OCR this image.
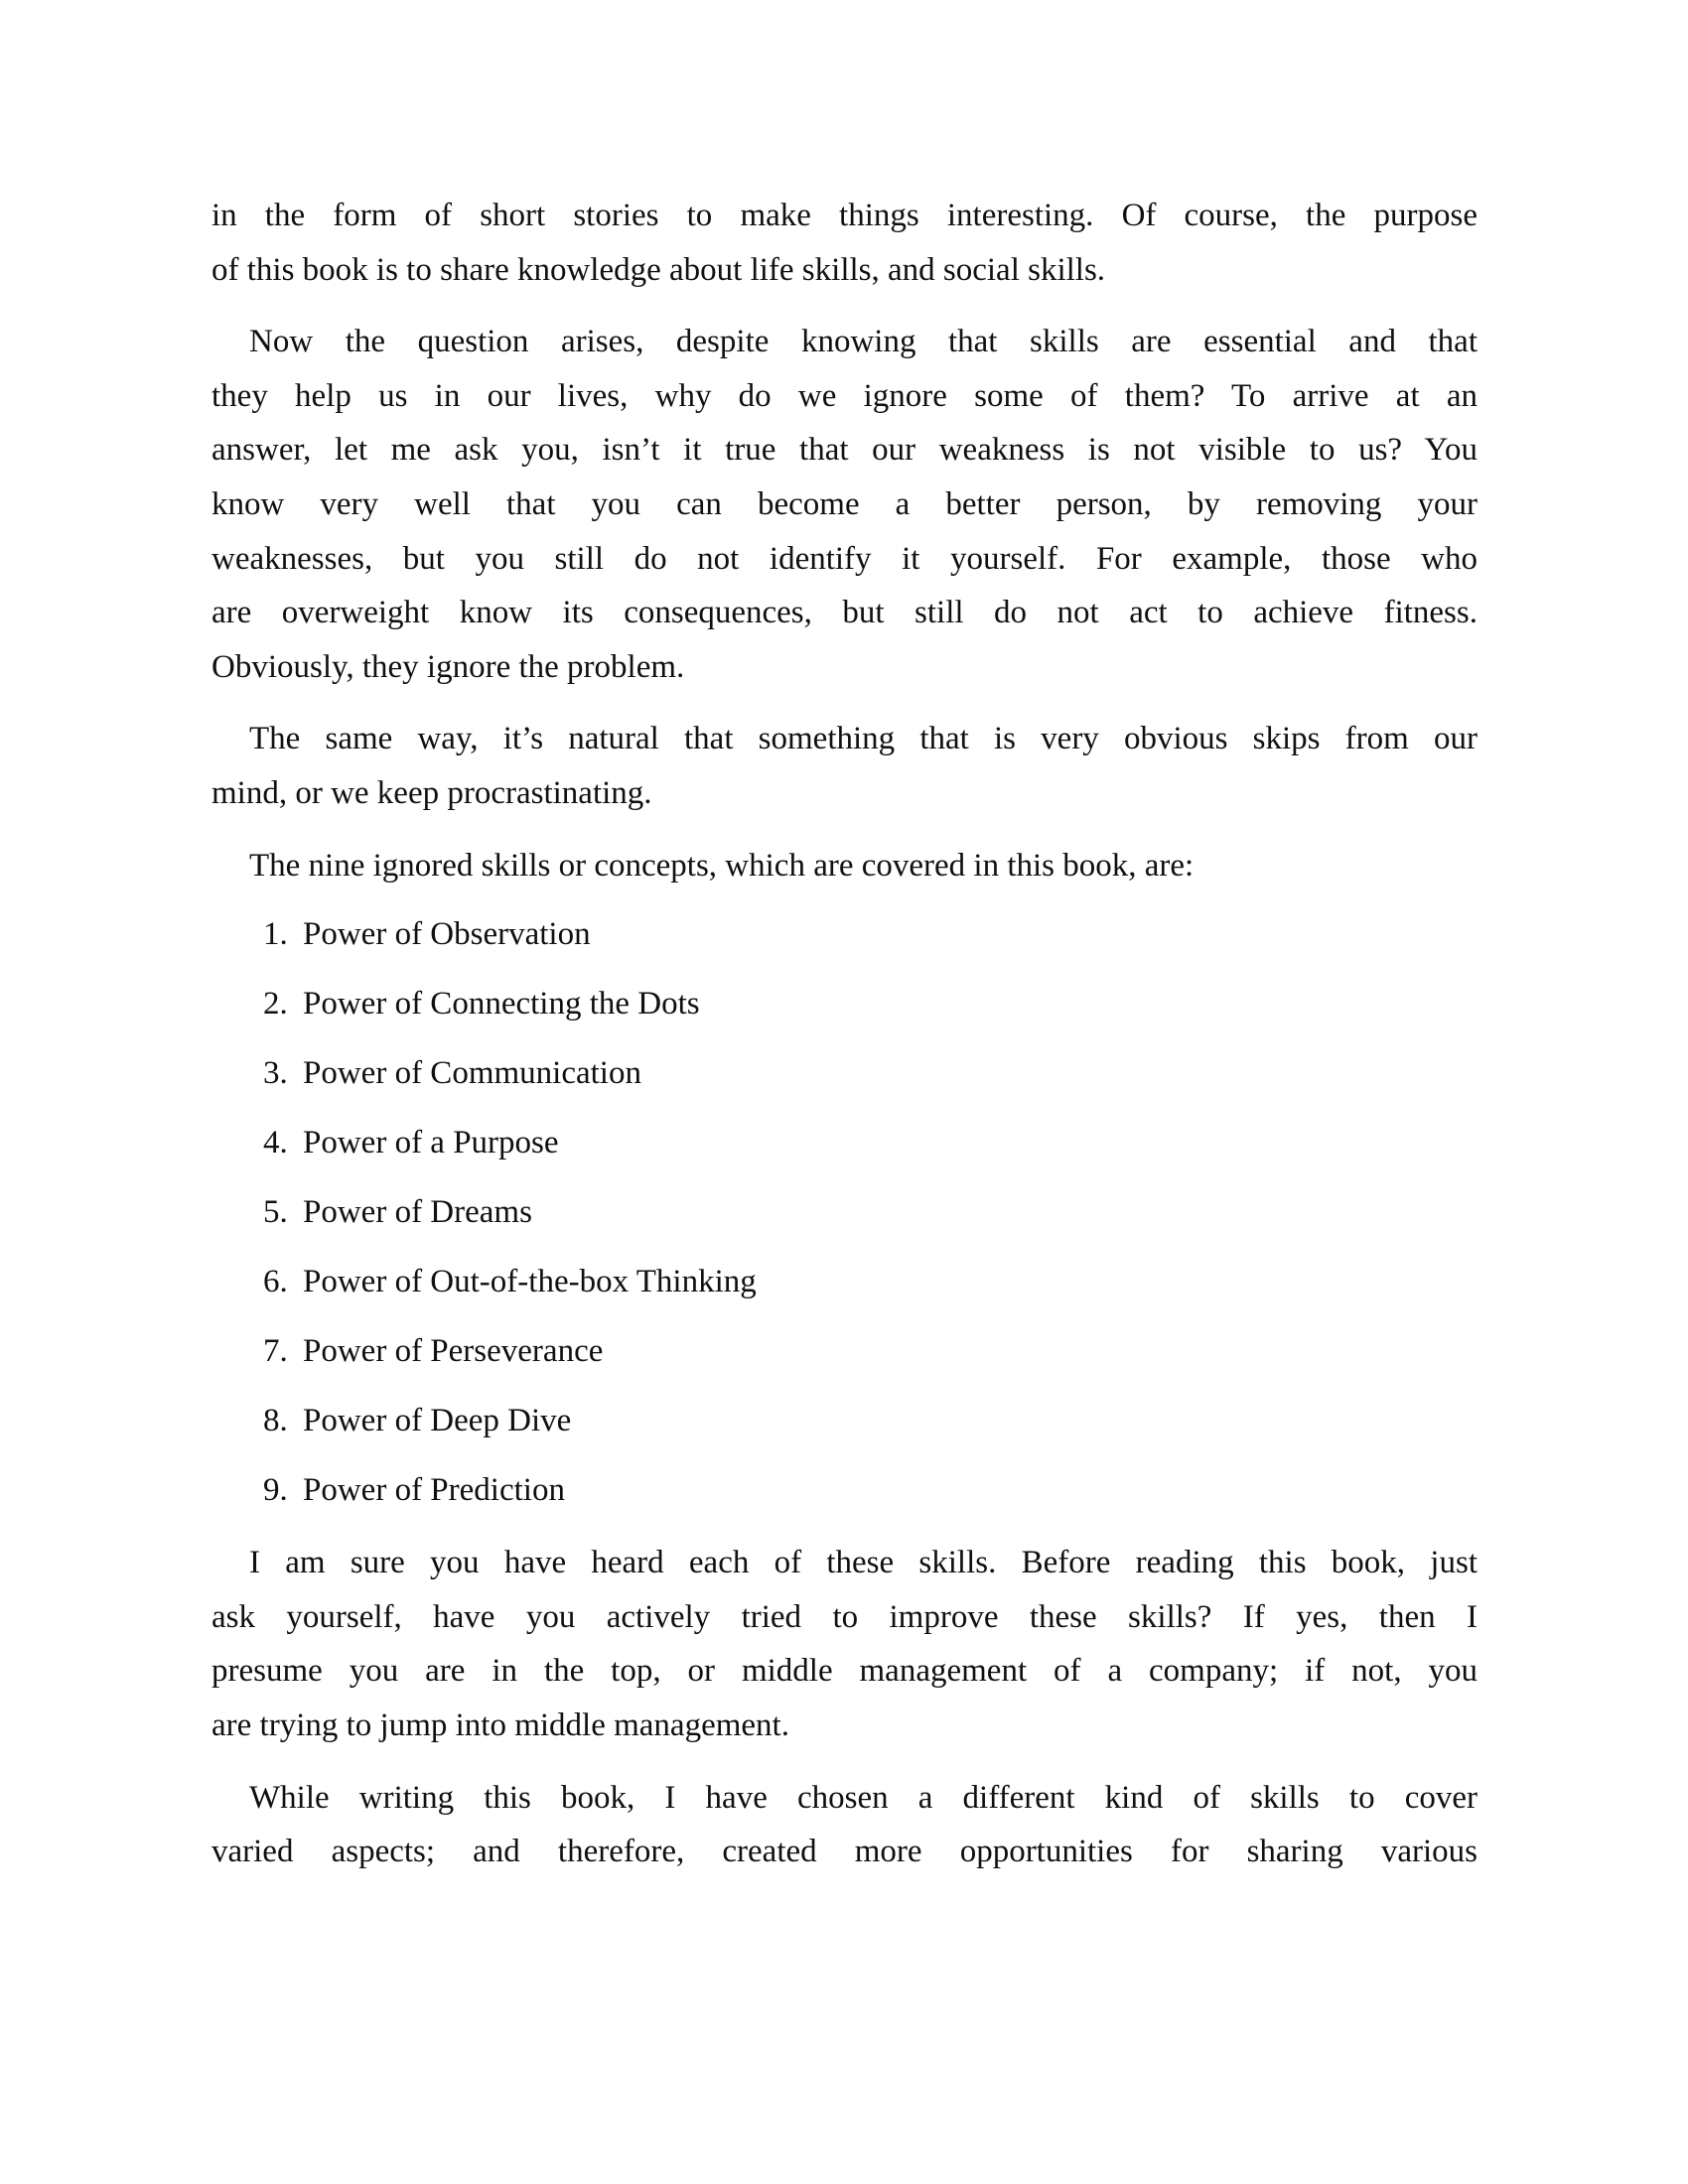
in the form of short stories to make things interesting. Of course, the purpose
of this book is to share knowledge about life skills, and social skills.
Now the question arises, despite knowing that skills are essential and that
they help us in our lives, why do we ignore some of them? To arrive at an
answer, let me ask you, isn’t it true that our weakness is not visible to us? You
know very well that you can become a better person, by removing your
weaknesses, but you still do not identify it yourself. For example, those who
are overweight know its consequences, but still do not act to achieve fitness.
Obviously, they ignore the problem.
The same way, it’s natural that something that is very obvious skips from our
mind, or we keep procrastinating.
The nine ignored skills or concepts, which are covered in this book, are:
1. Power of Observation
2. Power of Connecting the Dots
3. Power of Communication
4. Power of a Purpose
5. Power of Dreams
6. Power of Out-of-the-box Thinking
7. Power of Perseverance
8. Power of Deep Dive
9. Power of Prediction
I am sure you have heard each of these skills. Before reading this book, just
ask yourself, have you actively tried to improve these skills? If yes, then I
presume you are in the top, or middle management of a company; if not, you
are trying to jump into middle management.
While writing this book, I have chosen a different kind of skills to cover
varied aspects; and therefore, created more opportunities for sharing various
